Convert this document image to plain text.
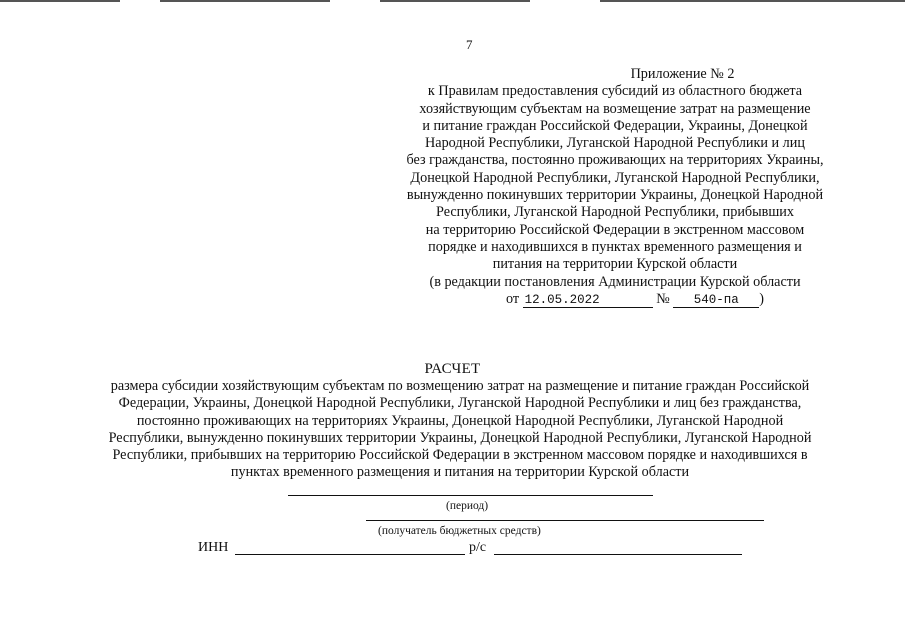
7
Приложение № 2
к Правилам предоставления субсидий из областного бюджета
хозяйствующим субъектам на возмещение затрат на размещение
и питание граждан Российской Федерации, Украины, Донецкой
Народной Республики, Луганской Народной Республики и лиц
без гражданства, постоянно проживающих на территориях Украины,
Донецкой Народной Республики, Луганской Народной Республики,
вынужденно покинувших территории Украины, Донецкой Народной
Республики, Луганской Народной Республики, прибывших
на территорию Российской Федерации в экстренном массовом
порядке и находившихся в пунктах временного размещения и
питания на территории Курской области
(в редакции постановления Администрации Курской области
от 12.05.2022	№ 540-па )
РАСЧЕТ
размера субсидии хозяйствующим субъектам по возмещению затрат на размещение и питание граждан Российской
Федерации, Украины, Донецкой Народной Республики, Луганской Народной Республики и лиц без гражданства,
постоянно проживающих на территориях Украины, Донецкой Народной Республики, Луганской Народной
Республики, вынужденно покинувших территории Украины, Донецкой Народной Республики, Луганской Народной
Республики, прибывших на территорию Российской Федерации в экстренном массовом порядке и находившихся в
пунктах временного размещения и питания на территории Курской области
(период)
(получатель бюджетных средств)
ИНН	р/с
